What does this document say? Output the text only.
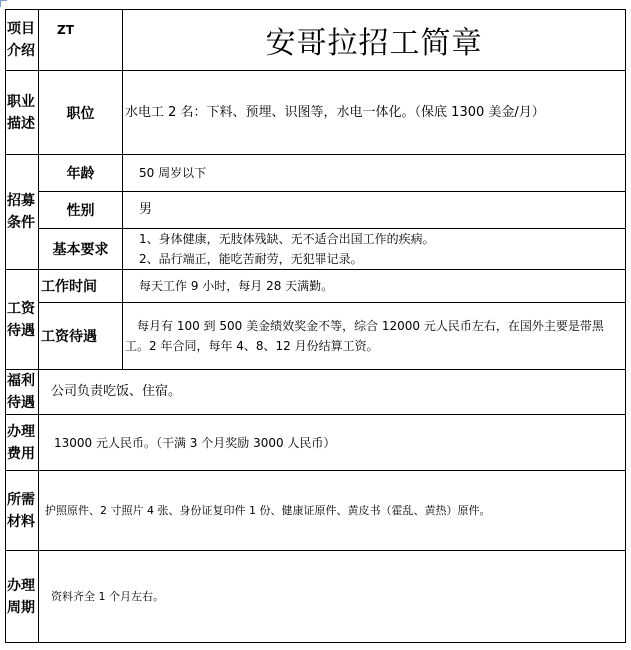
项目介绍	ZT	安哥拉招工简章
职业描述	职位	水电工 2 名：下料、预埋、识图等，水电一体化。（保底 1300 美金/月）
招募条件	年龄	50 周岁以下
	性别	男
	基本要求	1、身体健康，无肢体残缺、无不适合出国工作的疾病。
2、品行端正，能吃苦耐劳，无犯罪记录。

工资待遇	工作时间	每天工作 9 小时，每月 28 天满勤。
	工资待遇	每月有 100 到 500 美金绩效奖金不等，综合 12000 元人民币左右，在国外主要是带黑工。2 年合同，每年 4、8、12 月份结算工资。
福利待遇	公司负责吃饭、住宿。	
办理费用	13000 元人民币。（干满 3 个月奖励 3000 人民币）	
所需材料	护照原件、2 寸照片 4 张、身份证复印件 1 份、健康证原件、黄皮书（霍乱、黄热）原件。	
办理周期	资料齐全 1 个月左右。	
